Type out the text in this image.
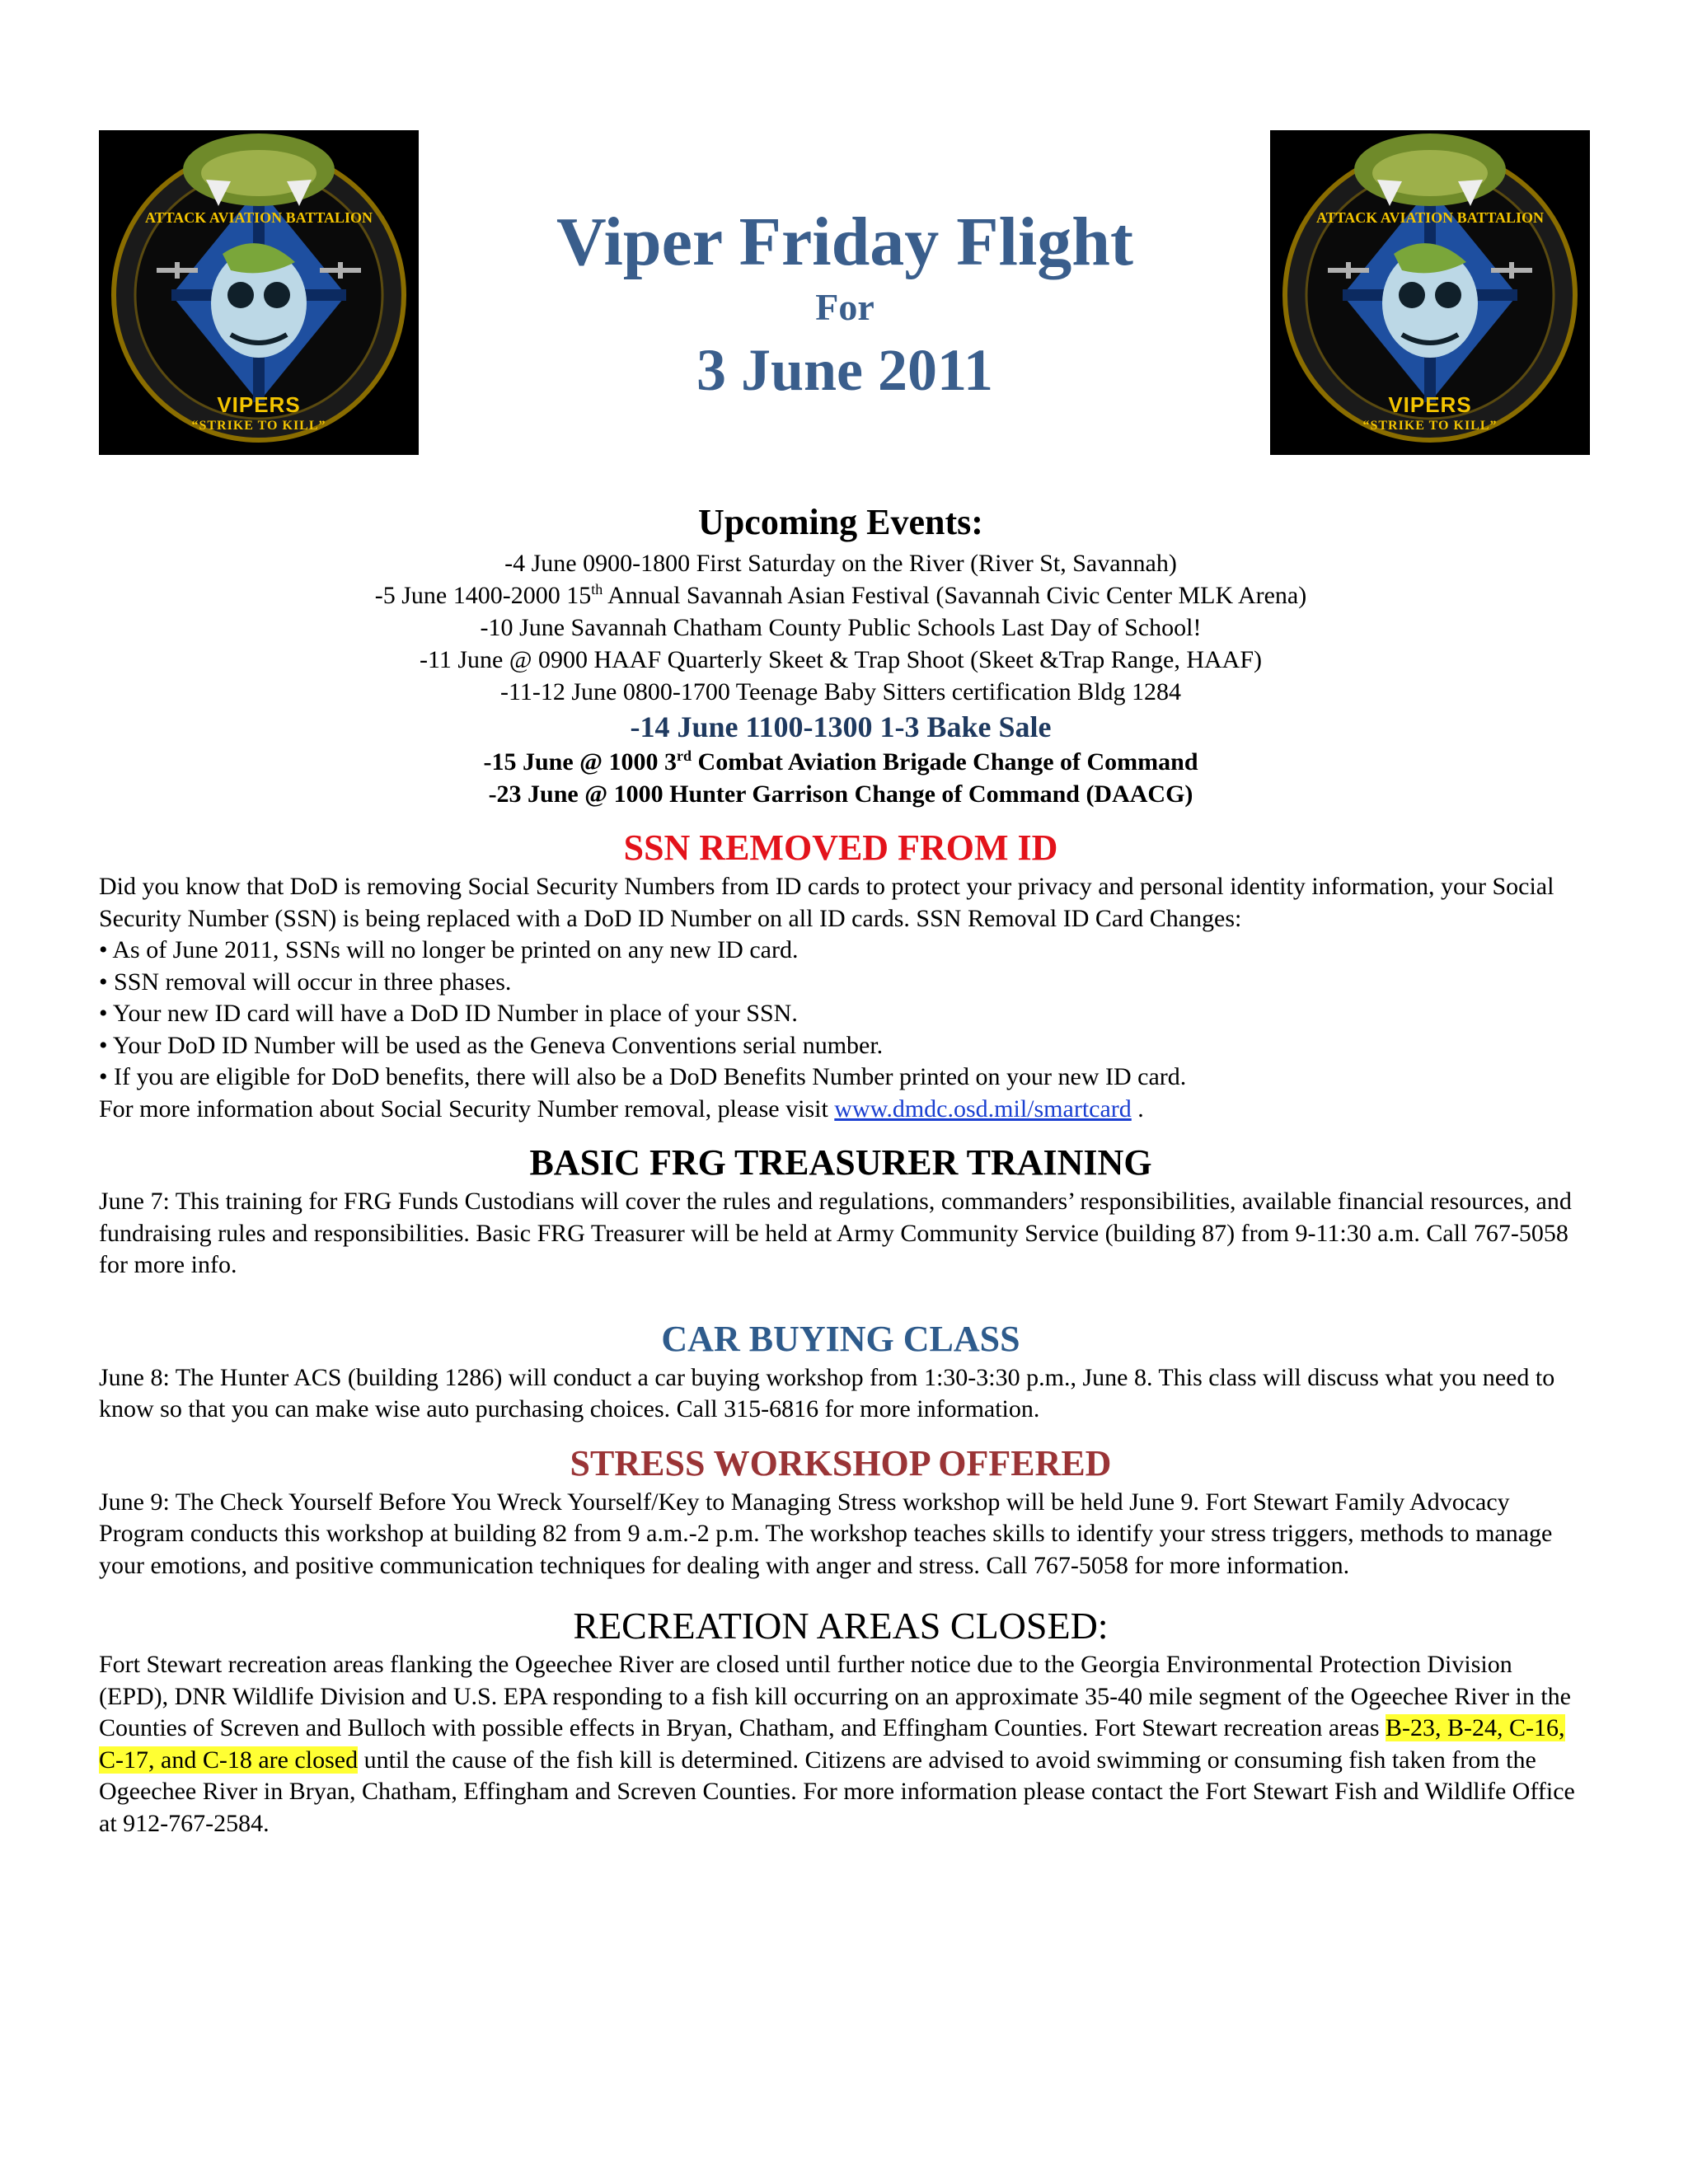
ATTACK AVIATION BATTALION
VIPERS
“STRIKE TO KILL”
ATTACK AVIATION BATTALION
VIPERS
“STRIKE TO KILL”
Viper Friday Flight
For
3 June 2011
Upcoming Events:
-4 June 0900-1800 First Saturday on the River (River St, Savannah)
-5 June 1400-2000 15th Annual Savannah Asian Festival (Savannah Civic Center MLK Arena)
-10 June Savannah Chatham County Public Schools Last Day of School!
-11 June @ 0900 HAAF Quarterly Skeet & Trap Shoot (Skeet &Trap Range, HAAF)
-11-12 June 0800-1700 Teenage Baby Sitters certification Bldg 1284
-14 June 1100-1300 1-3 Bake Sale
-15 June @ 1000 3rd Combat Aviation Brigade Change of Command
-23 June @ 1000 Hunter Garrison Change of Command (DAACG)
SSN REMOVED FROM ID
Did you know that DoD is removing Social Security Numbers from ID cards to protect your privacy and personal identity information, your Social Security Number (SSN) is being replaced with a DoD ID Number on all ID cards. SSN Removal ID Card Changes:
• As of June 2011, SSNs will no longer be printed on any new ID card.
• SSN removal will occur in three phases.
• Your new ID card will have a DoD ID Number in place of your SSN.
• Your DoD ID Number will be used as the Geneva Conventions serial number.
• If you are eligible for DoD benefits, there will also be a DoD Benefits Number printed on your new ID card.
For more information about Social Security Number removal, please visit www.dmdc.osd.mil/smartcard .
BASIC FRG TREASURER TRAINING
June 7: This training for FRG Funds Custodians will cover the rules and regulations, commanders’ responsibilities, available financial resources, and fundraising rules and responsibilities. Basic FRG Treasurer will be held at Army Community Service (building 87) from 9-11:30 a.m. Call 767-5058 for more info.
CAR BUYING CLASS
June 8: The Hunter ACS (building 1286) will conduct a car buying workshop from 1:30-3:30 p.m., June 8. This class will discuss what you need to know so that you can make wise auto purchasing choices. Call 315-6816 for more information.
STRESS WORKSHOP OFFERED
June 9: The Check Yourself Before You Wreck Yourself/Key to Managing Stress workshop will be held June 9. Fort Stewart Family Advocacy Program conducts this workshop at building 82 from 9 a.m.-2 p.m. The workshop teaches skills to identify your stress triggers, methods to manage your emotions, and positive communication techniques for dealing with anger and stress. Call 767-5058 for more information.
RECREATION AREAS CLOSED:
Fort Stewart recreation areas flanking the Ogeechee River are closed until further notice due to the Georgia Environmental Protection Division (EPD), DNR Wildlife Division and U.S. EPA responding to a fish kill occurring on an approximate 35-40 mile segment of the Ogeechee River in the Counties of Screven and Bulloch with possible effects in Bryan, Chatham, and Effingham Counties. Fort Stewart recreation areas B-23, B-24, C-16, C-17, and C-18 are closed until the cause of the fish kill is determined. Citizens are advised to avoid swimming or consuming fish taken from the Ogeechee River in Bryan, Chatham, Effingham and Screven Counties. For more information please contact the Fort Stewart Fish and Wildlife Office at 912-767-2584.
